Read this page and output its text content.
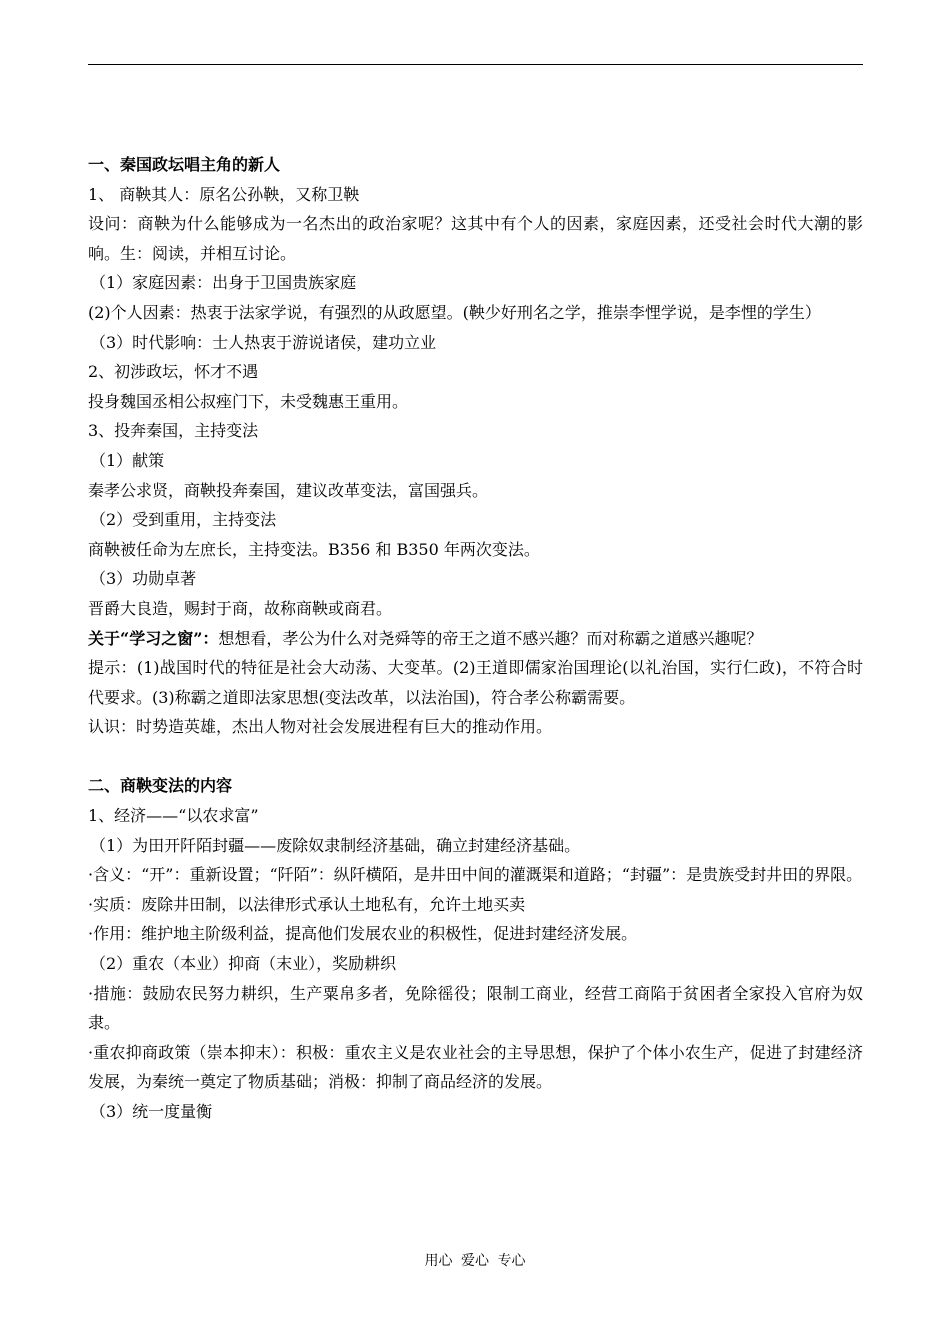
一、秦国政坛唱主角的新人

1、 商鞅其人：原名公孙鞅，又称卫鞅

设问：商鞅为什么能够成为一名杰出的政治家呢？这其中有个人的因素，家庭因素，还受社会时代大潮的影响。生：阅读，并相互讨论。

（1）家庭因素：出身于卫国贵族家庭

(2)个人因素：热衷于法家学说，有强烈的从政愿望。(鞅少好刑名之学，推崇李悝学说，是李悝的学生）

（3）时代影响：士人热衷于游说诸侯，建功立业

2、初涉政坛，怀才不遇

投身魏国丞相公叔痤门下，未受魏惠王重用。

3、投奔秦国，主持变法

（1）献策

秦孝公求贤，商鞅投奔秦国，建议改革变法，富国强兵。

（2）受到重用，主持变法

商鞅被任命为左庶长，主持变法。B356 和 B350 年两次变法。

（3）功勋卓著

晋爵大良造，赐封于商，故称商鞅或商君。

关于“学习之窗”：想想看，孝公为什么对尧舜等的帝王之道不感兴趣？而对称霸之道感兴趣呢？

提示：(1)战国时代的特征是社会大动荡、大变革。(2)王道即儒家治国理论(以礼治国，实行仁政)，不符合时代要求。(3)称霸之道即法家思想(变法改革，以法治国)，符合孝公称霸需要。

认识：时势造英雄，杰出人物对社会发展进程有巨大的推动作用。

二、商鞅变法的内容

1、经济——“以农求富”

（1）为田开阡陌封疆——废除奴隶制经济基础，确立封建经济基础。

·含义：“开”：重新设置；“阡陌”：纵阡横陌，是井田中间的灌溉渠和道路；“封疆”：是贵族受封井田的界限。

·实质：废除井田制，以法律形式承认土地私有，允许土地买卖

·作用：维护地主阶级利益，提高他们发展农业的积极性，促进封建经济发展。

（2）重农（本业）抑商（末业），奖励耕织

·措施：鼓励农民努力耕织，生产粟帛多者，免除徭役；限制工商业，经营工商陷于贫困者全家投入官府为奴隶。

·重农抑商政策（崇本抑末）：积极：重农主义是农业社会的主导思想，保护了个体小农生产，促进了封建经济发展，为秦统一奠定了物质基础；消极：抑制了商品经济的发展。

（3）统一度量衡

用心 爱心 专心
